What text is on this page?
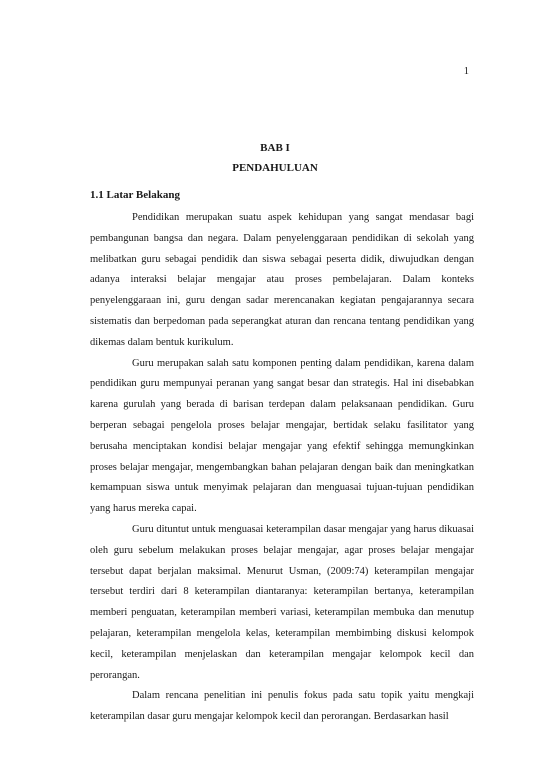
1
BAB I
PENDAHULUAN
1.1 Latar Belakang

Pendidikan merupakan suatu aspek kehidupan yang sangat mendasar bagi pembangunan bangsa dan negara. Dalam penyelenggaraan pendidikan di sekolah yang melibatkan guru sebagai pendidik dan siswa sebagai peserta didik, diwujudkan dengan adanya interaksi belajar mengajar atau proses pembelajaran. Dalam konteks penyelenggaraan ini, guru dengan sadar merencanakan kegiatan pengajarannya secara sistematis dan berpedoman pada seperangkat aturan dan rencana tentang pendidikan yang dikemas dalam bentuk kurikulum.

Guru merupakan salah satu komponen penting dalam pendidikan, karena dalam pendidikan guru mempunyai peranan yang sangat besar dan strategis. Hal ini disebabkan karena gurulah yang berada di barisan terdepan dalam pelaksanaan pendidikan. Guru berperan sebagai pengelola proses belajar mengajar, bertidak selaku fasilitator yang berusaha menciptakan kondisi belajar mengajar yang efektif sehingga memungkinkan proses belajar mengajar, mengembangkan bahan pelajaran dengan baik dan meningkatkan kemampuan siswa untuk menyimak pelajaran dan menguasai tujuan-tujuan pendidikan yang harus mereka capai.

Guru dituntut untuk menguasai keterampilan dasar mengajar yang harus dikuasai oleh guru sebelum melakukan proses belajar mengajar, agar proses belajar mengajar tersebut dapat berjalan maksimal. Menurut Usman, (2009:74) keterampilan mengajar tersebut terdiri dari 8 keterampilan diantaranya: keterampilan bertanya, keterampilan memberi penguatan, keterampilan memberi variasi, keterampilan membuka dan menutup pelajaran, keterampilan mengelola kelas, keterampilan membimbing diskusi kelompok kecil, keterampilan menjelaskan dan keterampilan mengajar kelompok kecil dan perorangan.

Dalam rencana penelitian ini penulis fokus pada satu topik yaitu mengkaji keterampilan dasar guru mengajar kelompok kecil dan perorangan. Berdasarkan hasil
